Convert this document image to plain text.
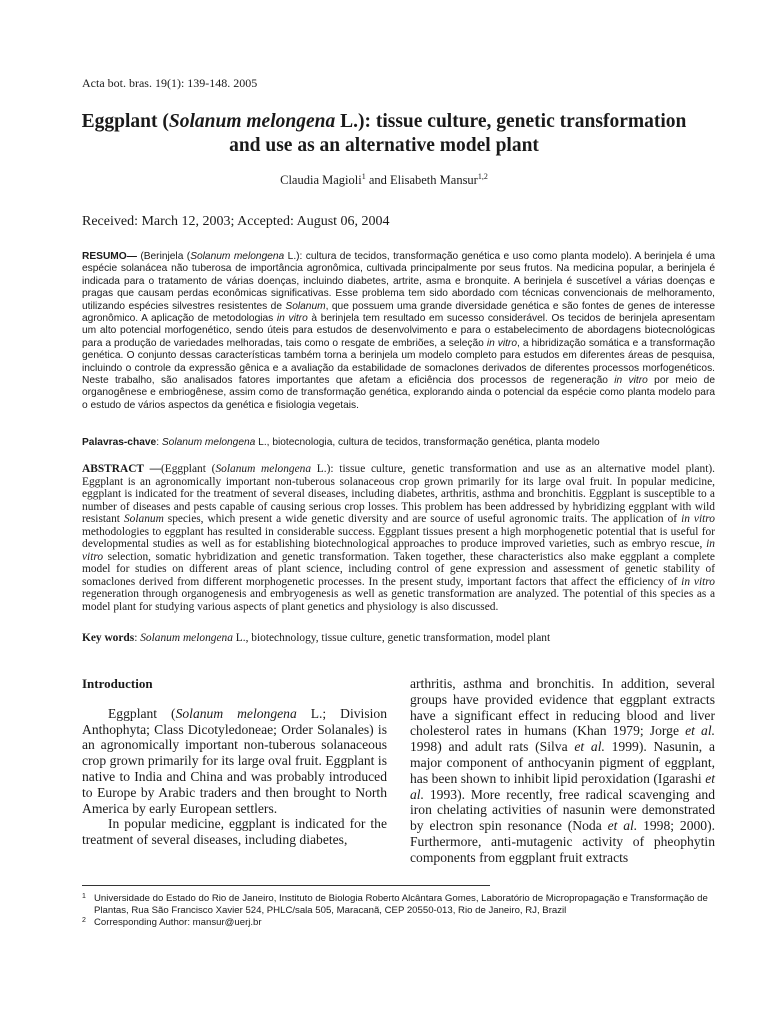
Acta bot. bras. 19(1): 139-148. 2005
Eggplant (Solanum melongena L.): tissue culture, genetic transformation
and use as an alternative model plant
Claudia Magioli$^1$ and Elisabeth Mansur$^{1,2}$
Received: March 12, 2003; Accepted: August 06, 2004
RESUMO— (Berinjela (Solanum melongena L.): cultura de tecidos, transformação genética e uso como planta modelo). A berinjela é uma espécie solanácea não tuberosa de importância agronômica, cultivada principalmente por seus frutos. Na medicina popular, a berinjela é indicada para o tratamento de várias doenças, incluindo diabetes, artrite, asma e bronquite. A berinjela é suscetível a várias doenças e pragas que causam perdas econômicas significativas. Esse problema tem sido abordado com técnicas convencionais de melhoramento, utilizando espécies silvestres resistentes de Solanum, que possuem uma grande diversidade genética e são fontes de genes de interesse agronômico. A aplicação de metodologias in vitro à berinjela tem resultado em sucesso considerável. Os tecidos de berinjela apresentam um alto potencial morfogenético, sendo úteis para estudos de desenvolvimento e para o estabelecimento de abordagens biotecnológicas para a produção de variedades melhoradas, tais como o resgate de embriões, a seleção in vitro, a hibridização somática e a transformação genética. O conjunto dessas características também torna a berinjela um modelo completo para estudos em diferentes áreas de pesquisa, incluindo o controle da expressão gênica e a avaliação da estabilidade de somaclones derivados de diferentes processos morfogenéticos. Neste trabalho, são analisados fatores importantes que afetam a eficiência dos processos de regeneração in vitro por meio de organogênese e embriogênese, assim como de transformação genética, explorando ainda o potencial da espécie como planta modelo para o estudo de vários aspectos da genética e fisiologia vegetais.
Palavras-chave: Solanum melongena L., biotecnologia, cultura de tecidos, transformação genética, planta modelo
ABSTRACT —(Eggplant (Solanum melongena L.): tissue culture, genetic transformation and use as an alternative model plant). Eggplant is an agronomically important non-tuberous solanaceous crop grown primarily for its large oval fruit. In popular medicine, eggplant is indicated for the treatment of several diseases, including diabetes, arthritis, asthma and bronchitis. Eggplant is susceptible to a number of diseases and pests capable of causing serious crop losses. This problem has been addressed by hybridizing eggplant with wild resistant Solanum species, which present a wide genetic diversity and are source of useful agronomic traits. The application of in vitro methodologies to eggplant has resulted in considerable success. Eggplant tissues present a high morphogenetic potential that is useful for developmental studies as well as for establishing biotechnological approaches to produce improved varieties, such as embryo rescue, in vitro selection, somatic hybridization and genetic transformation. Taken together, these characteristics also make eggplant a complete model for studies on different areas of plant science, including control of gene expression and assessment of genetic stability of somaclones derived from different morphogenetic processes. In the present study, important factors that affect the efficiency of in vitro regeneration through organogenesis and embryogenesis as well as genetic transformation are analyzed. The potential of this species as a model plant for studying various aspects of plant genetics and physiology is also discussed.
Key words: Solanum melongena L., biotechnology, tissue culture, genetic transformation, model plant
Introduction

Eggplant (Solanum melongena L.; Division Anthophyta; Class Dicotyledoneae; Order Solanales) is an agronomically important non-tuberous solanaceous crop grown primarily for its large oval fruit. Eggplant is native to India and China and was probably introduced to Europe by Arabic traders and then brought to North America by early European settlers.

In popular medicine, eggplant is indicated for the treatment of several diseases, including diabetes,

arthritis, asthma and bronchitis. In addition, several groups have provided evidence that eggplant extracts have a significant effect in reducing blood and liver cholesterol rates in humans (Khan 1979; Jorge et al. 1998) and adult rats (Silva et al. 1999). Nasunin, a major component of anthocyanin pigment of eggplant, has been shown to inhibit lipid peroxidation (Igarashi et al. 1993). More recently, free radical scavenging and iron chelating activities of nasunin were demonstrated by electron spin resonance (Noda et al. 1998; 2000). Furthermore, anti-mutagenic activity of pheophytin components from eggplant fruit extracts

1 Universidade do Estado do Rio de Janeiro, Instituto de Biologia Roberto Alcântara Gomes, Laboratório de Micropropagação e Transformação de Plantas, Rua São Francisco Xavier 524, PHLC/sala 505, Maracanã, CEP 20550-013, Rio de Janeiro, RJ, Brazil
2 Corresponding Author: mansur@uerj.br
